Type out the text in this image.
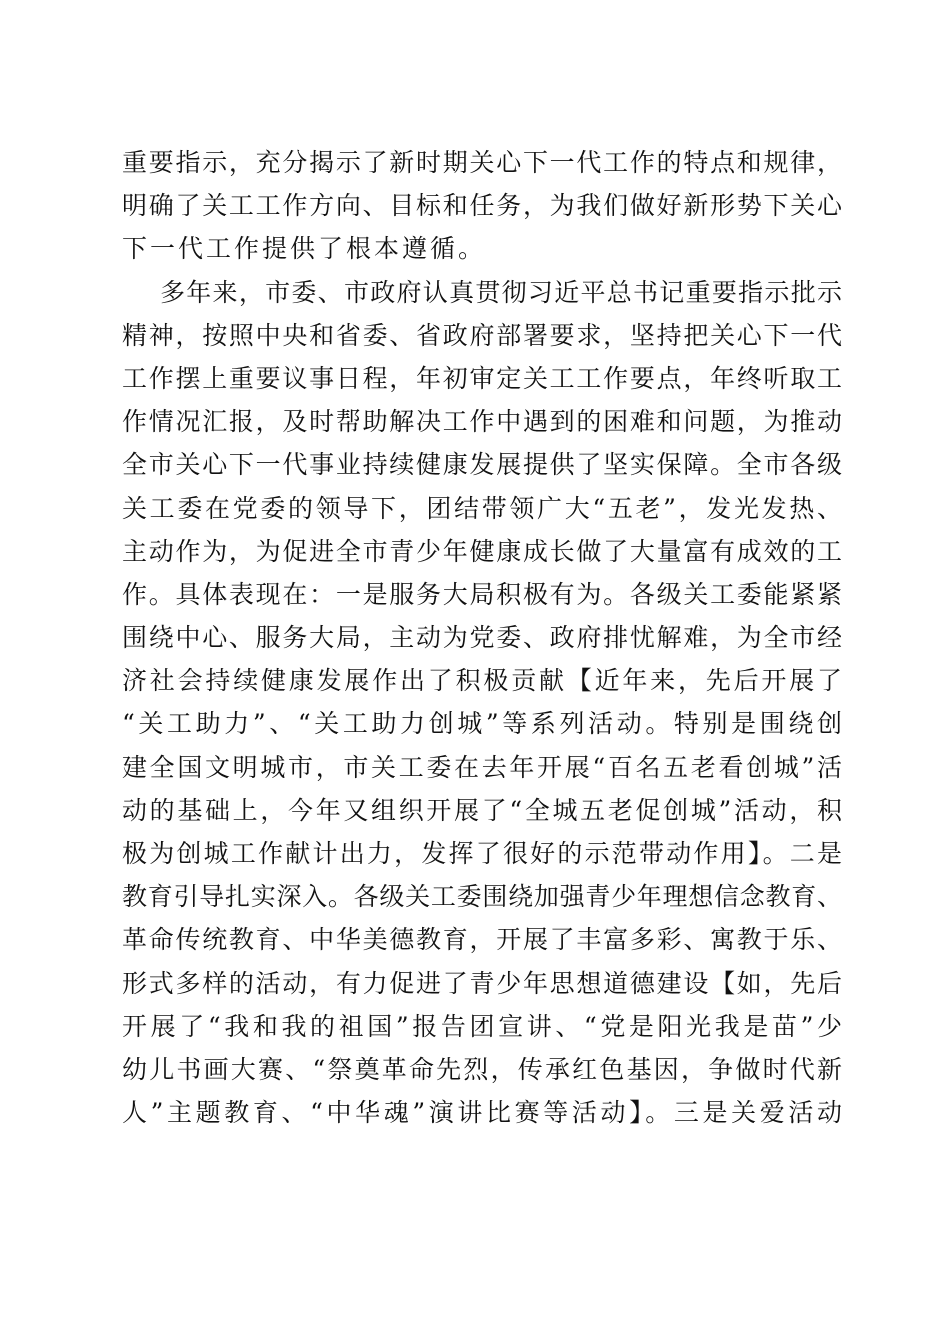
重要指示，充分揭示了新时期关心下一代工作的特点和规律，
明确了关工工作方向、目标和任务，为我们做好新形势下关心
下一代工作提供了根本遵循。
多年来，市委、市政府认真贯彻习近平总书记重要指示批示
精神，按照中央和省委、省政府部署要求，坚持把关心下一代
工作摆上重要议事日程，年初审定关工工作要点，年终听取工
作情况汇报，及时帮助解决工作中遇到的困难和问题，为推动
全市关心下一代事业持续健康发展提供了坚实保障。全市各级
关工委在党委的领导下，团结带领广大“五老”，发光发热、
主动作为，为促进全市青少年健康成长做了大量富有成效的工
作。具体表现在：一是服务大局积极有为。各级关工委能紧紧
围绕中心、服务大局，主动为党委、政府排忧解难，为全市经
济社会持续健康发展作出了积极贡献【近年来，先后开展了
“关工助力”、“关工助力创城”等系列活动。特别是围绕创
建全国文明城市，市关工委在去年开展“百名五老看创城”活
动的基础上，今年又组织开展了“全城五老促创城”活动，积
极为创城工作献计出力，发挥了很好的示范带动作用】。二是
教育引导扎实深入。各级关工委围绕加强青少年理想信念教育、
革命传统教育、中华美德教育，开展了丰富多彩、寓教于乐、
形式多样的活动，有力促进了青少年思想道德建设【如，先后
开展了“我和我的祖国”报告团宣讲、“党是阳光我是苗”少
幼儿书画大赛、“祭奠革命先烈，传承红色基因，争做时代新
人”主题教育、“中华魂”演讲比赛等活动】。三是关爱活动
